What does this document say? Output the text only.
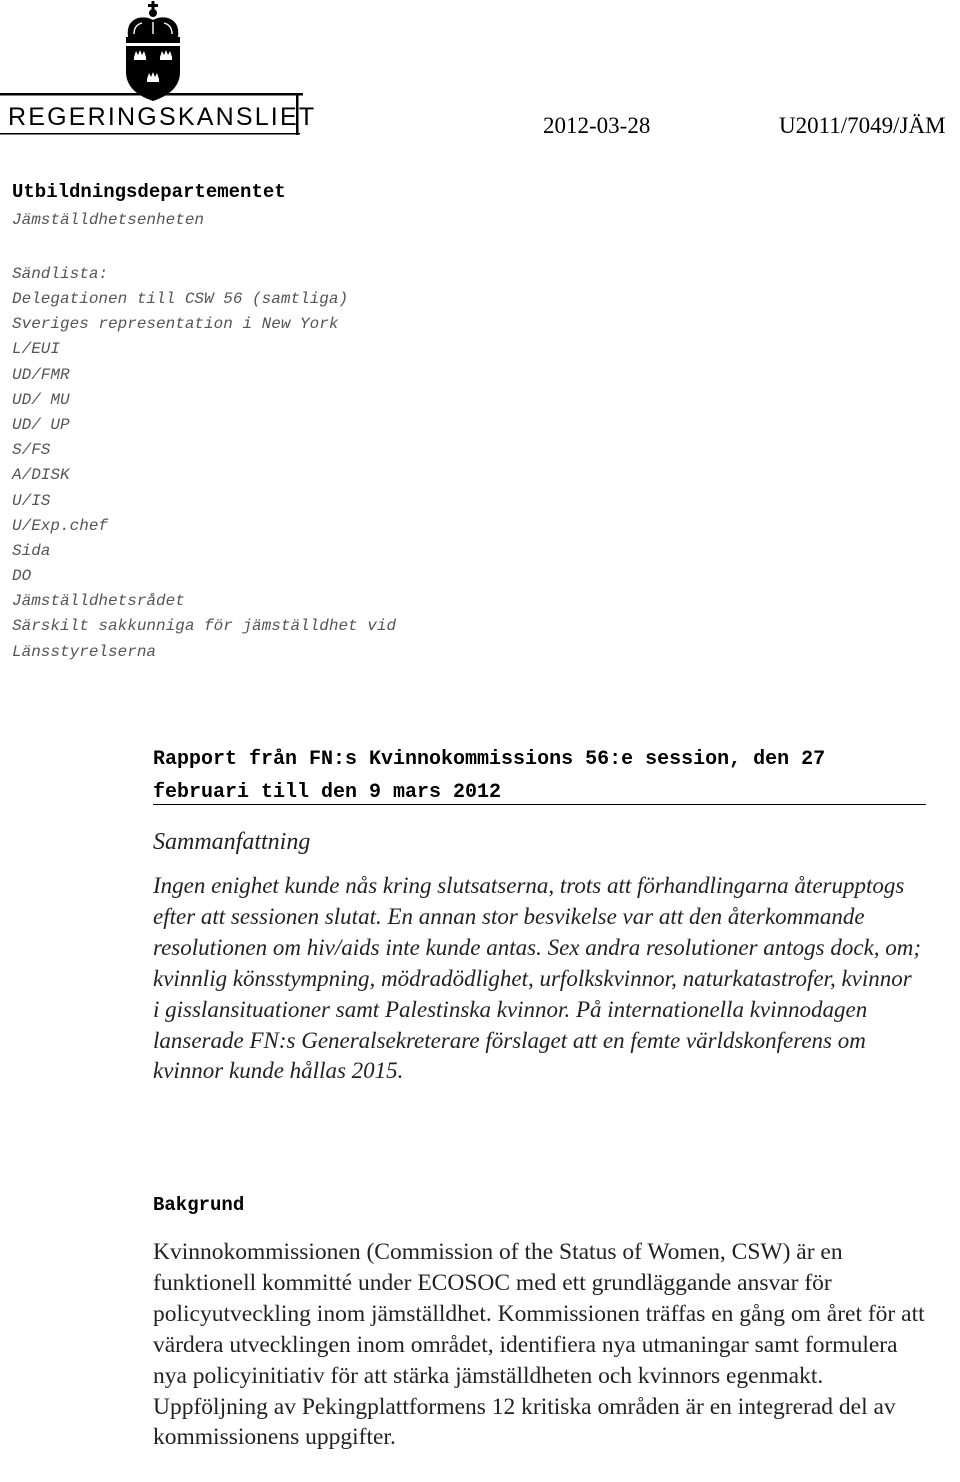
REGERINGSKANSLIET	2012-03-28	U2011/7049/JÄM
Utbildningsdepartementet
Jämställdhetsenheten
Sändlista:
Delegationen till CSW 56 (samtliga)
Sveriges representation i New York
L/EUI
UD/FMR
UD/ MU
UD/ UP
S/FS
A/DISK
U/IS
U/Exp.chef
Sida
DO
Jämställdhetsrådet
Särskilt sakkunniga för jämställdhet vid
Länsstyrelserna
Rapport från FN:s Kvinnokommissions 56:e session, den 27 februari till den 9 mars 2012
Sammanfattning
Ingen enighet kunde nås kring slutsatserna, trots att förhandlingarna återupptogs efter att sessionen slutat. En annan stor besvikelse var att den återkommande resolutionen om hiv/aids inte kunde antas. Sex andra resolutioner antogs dock, om; kvinnlig könsstympning, mödradödlighet, urfolkskvinnor, naturkatastrofer, kvinnor i gisslansituationer samt Palestinska kvinnor. På internationella kvinnodagen lanserade FN:s Generalsekreterare förslaget att en femte världskonferens om kvinnor kunde hållas 2015.
Bakgrund
Kvinnokommissionen (Commission of the Status of Women, CSW) är en funktionell kommitté under ECOSOC med ett grundläggande ansvar för policyutveckling inom jämställdhet. Kommissionen träffas en gång om året för att värdera utvecklingen inom området, identifiera nya utmaningar samt formulera nya policyinitiativ för att stärka jämställdheten och kvinnors egenmakt. Uppföljning av Pekingplattformens 12 kritiska områden är en integrerad del av kommissionens uppgifter.
